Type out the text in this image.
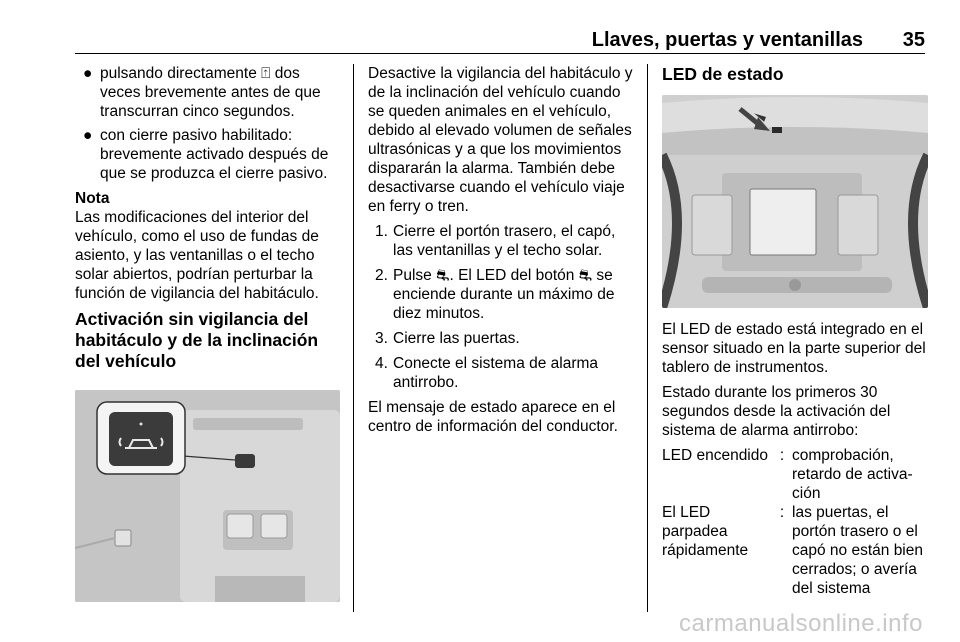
Llaves, puertas y ventanillas 35
● pulsando directamente ⍐ dos veces brevemente antes de que transcurran cinco segundos.
● con cierre pasivo habilitado: brevemente activado después de que se produzca el cierre pasivo.
Nota
Las modificaciones del interior del vehículo, como el uso de fundas de asiento, y las ventanillas o el techo solar abiertos, podrían perturbar la función de vigilancia del habitáculo.
Activación sin vigilancia del habitáculo y de la inclinación del vehículo
Desactive la vigilancia del habitáculo y de la inclinación del vehículo cuando se queden animales en el vehículo, debido al elevado volumen de señales ultrasónicas y a que los movimientos dispararán la alarma. También debe desactivarse cuando el vehículo viaje en ferry o tren.
1. Cierre el portón trasero, el capó, las ventanillas y el techo solar.
2. Pulse ⛐. El LED del botón ⛐ se enciende durante un máximo de diez minutos.
3. Cierre las puertas.
4. Conecte el sistema de alarma antirrobo.
El mensaje de estado aparece en el centro de información del conductor.
LED de estado
El LED de estado está integrado en el sensor situado en la parte superior del tablero de instrumentos.
Estado durante los primeros 30 segundos desde la activación del sistema de alarma antirrobo:
LED encendido : comprobación, retardo de activa- ción
El LED parpadea rápidamente
: las puertas, el portón trasero o el capó no están bien cerrados; o avería del sistema
carmanualsonline.info
